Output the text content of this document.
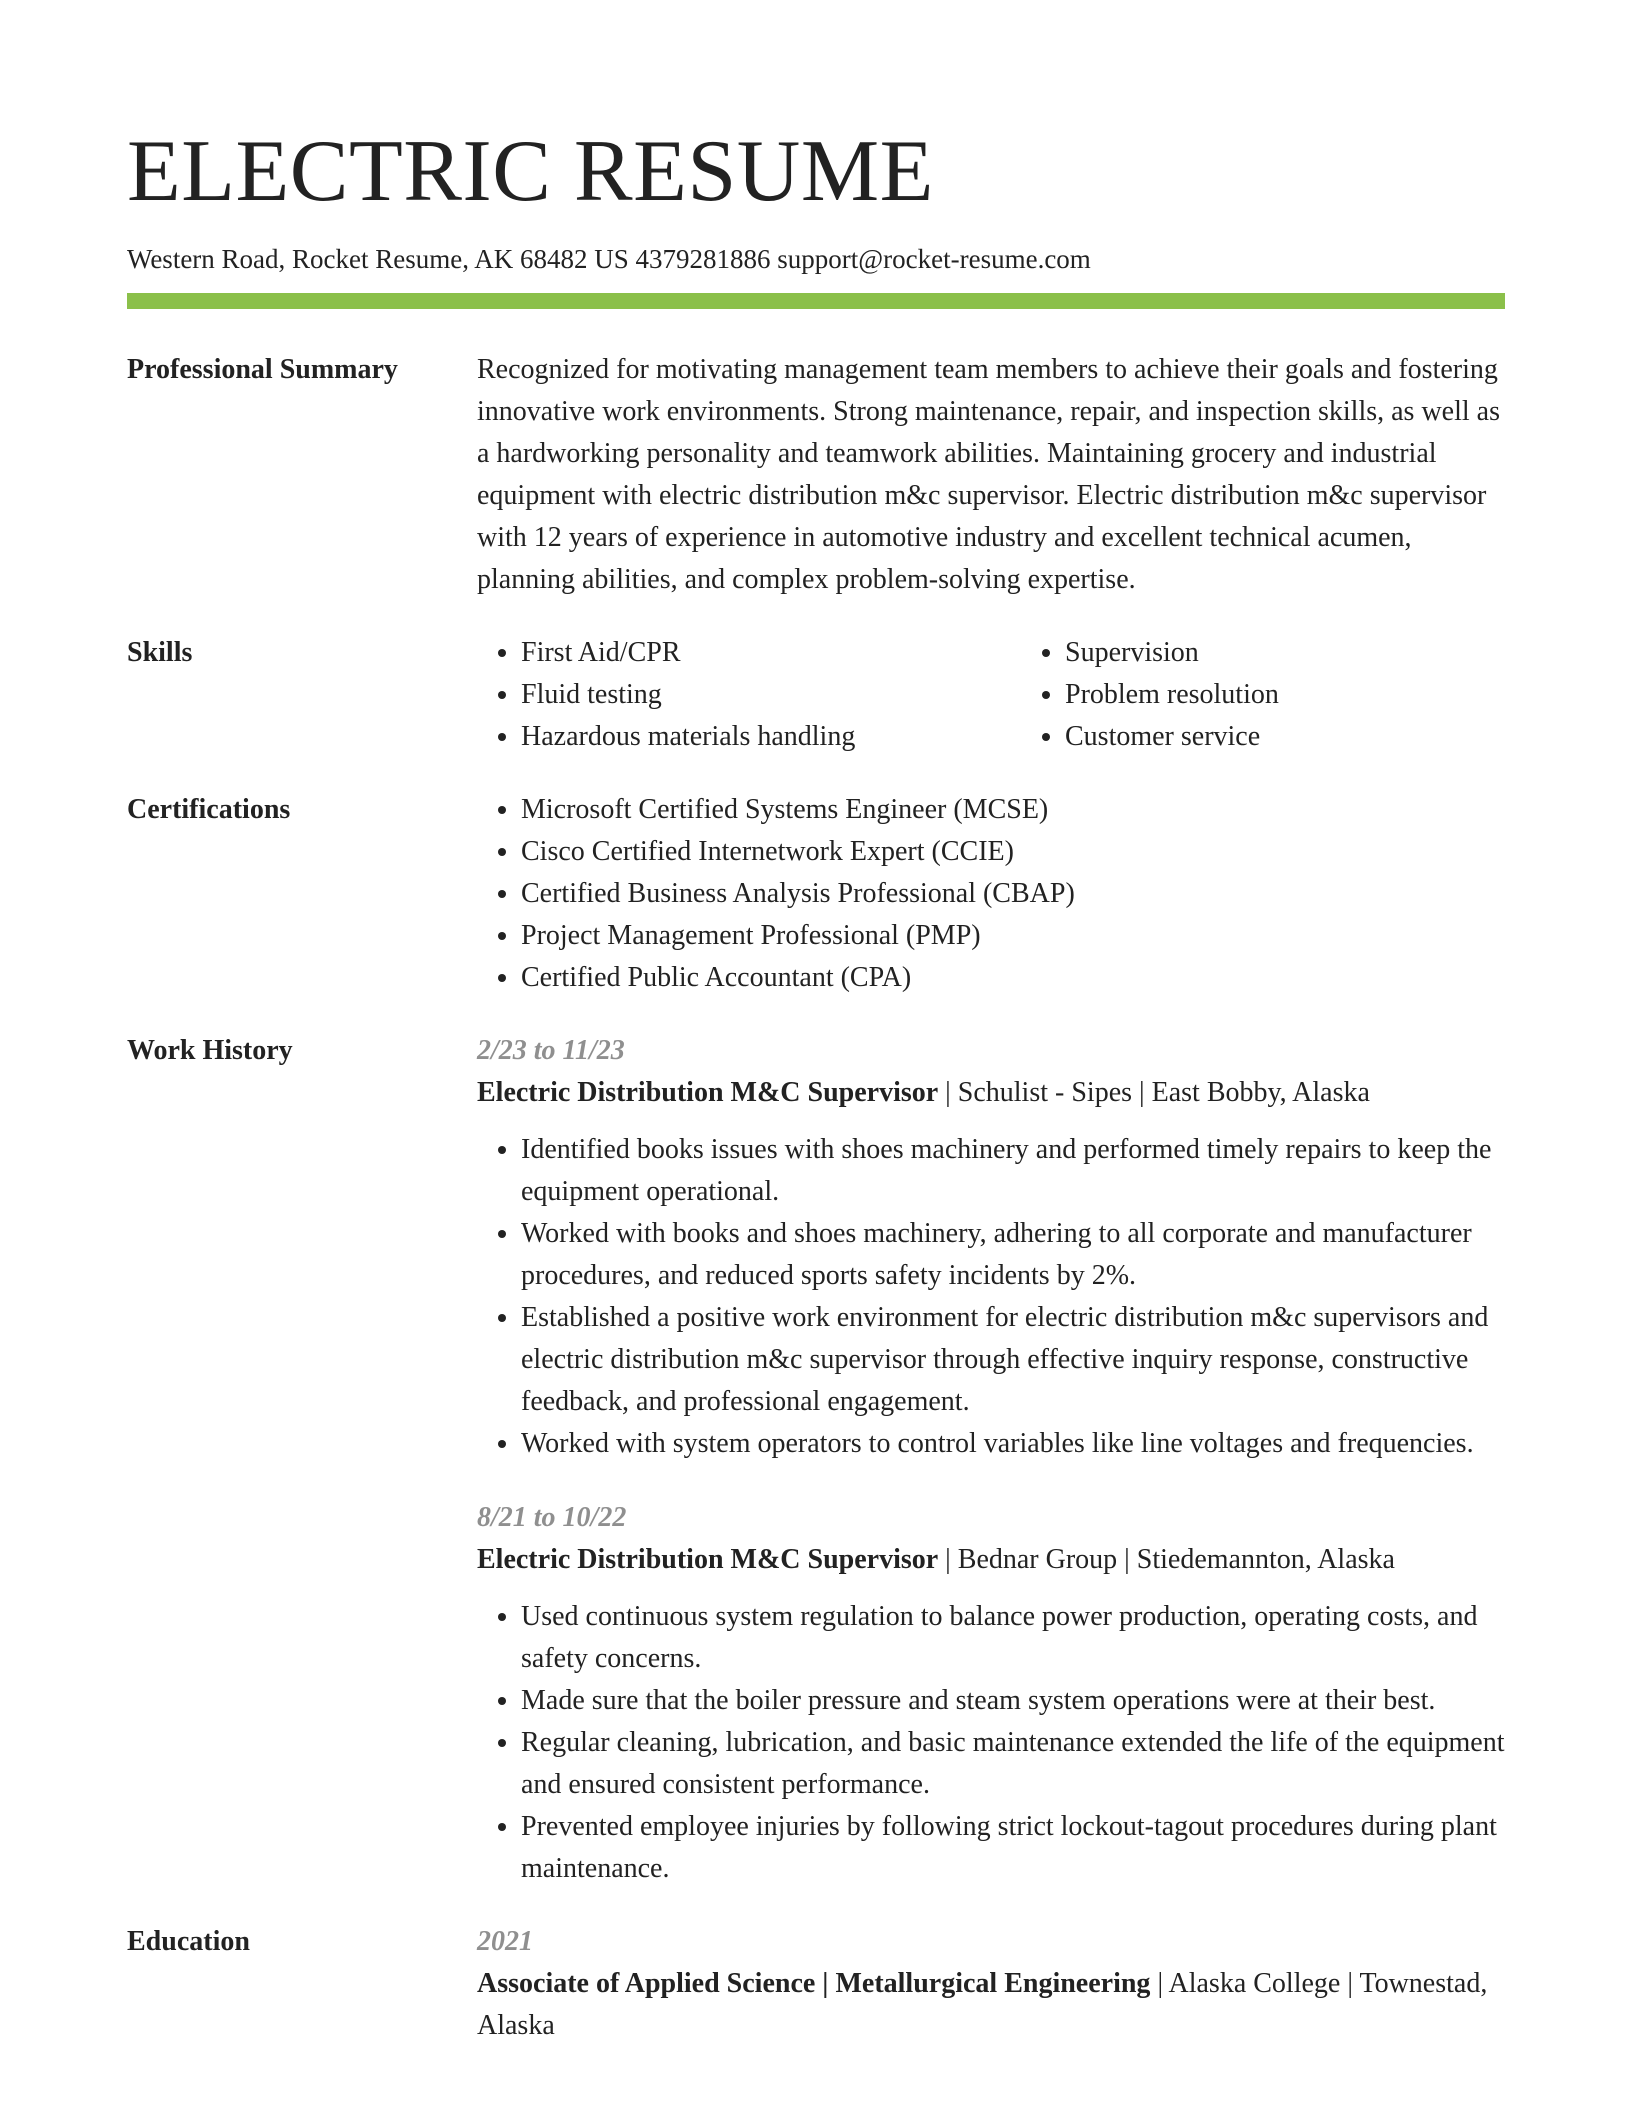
ELECTRIC RESUME
Western Road, Rocket Resume, AK 68482 US 4379281886 support@rocket-resume.com
Professional Summary	Recognized for motivating management team members to achieve their goals and fostering innovative work environments. Strong maintenance, repair, and inspection skills, as well as a hardworking personality and teamwork abilities. Maintaining grocery and industrial equipment with electric distribution m&c supervisor. Electric distribution m&c supervisor with 12 years of experience in automotive industry and excellent technical acumen, planning abilities, and complex problem-solving expertise.

Skills	• First Aid/CPR
• Fluid testing
• Hazardous materials handling
• Supervision
• Problem resolution
• Customer service
Certifications	• Microsoft Certified Systems Engineer (MCSE)
• Cisco Certified Internetwork Expert (CCIE)
• Certified Business Analysis Professional (CBAP)
• Project Management Professional (PMP)
• Certified Public Accountant (CPA)
Work History	2/23 to 11/23
Electric Distribution M&C Supervisor | Schulist - Sipes | East Bobby, Alaska
• Identified books issues with shoes machinery and performed timely repairs to keep the equipment operational.
• Worked with books and shoes machinery, adhering to all corporate and manufacturer procedures, and reduced sports safety incidents by 2%.
• Established a positive work environment for electric distribution m&c supervisors and electric distribution m&c supervisor through effective inquiry response, constructive feedback, and professional engagement.
• Worked with system operators to control variables like line voltages and frequencies.
8/21 to 10/22
Electric Distribution M&C Supervisor | Bednar Group | Stiedemannton, Alaska
• Used continuous system regulation to balance power production, operating costs, and safety concerns.
• Made sure that the boiler pressure and steam system operations were at their best.
• Regular cleaning, lubrication, and basic maintenance extended the life of the equipment and ensured consistent performance.
• Prevented employee injuries by following strict lockout-tagout procedures during plant maintenance.
Education	2021
Associate of Applied Science | Metallurgical Engineering | Alaska College | Townestad, Alaska
